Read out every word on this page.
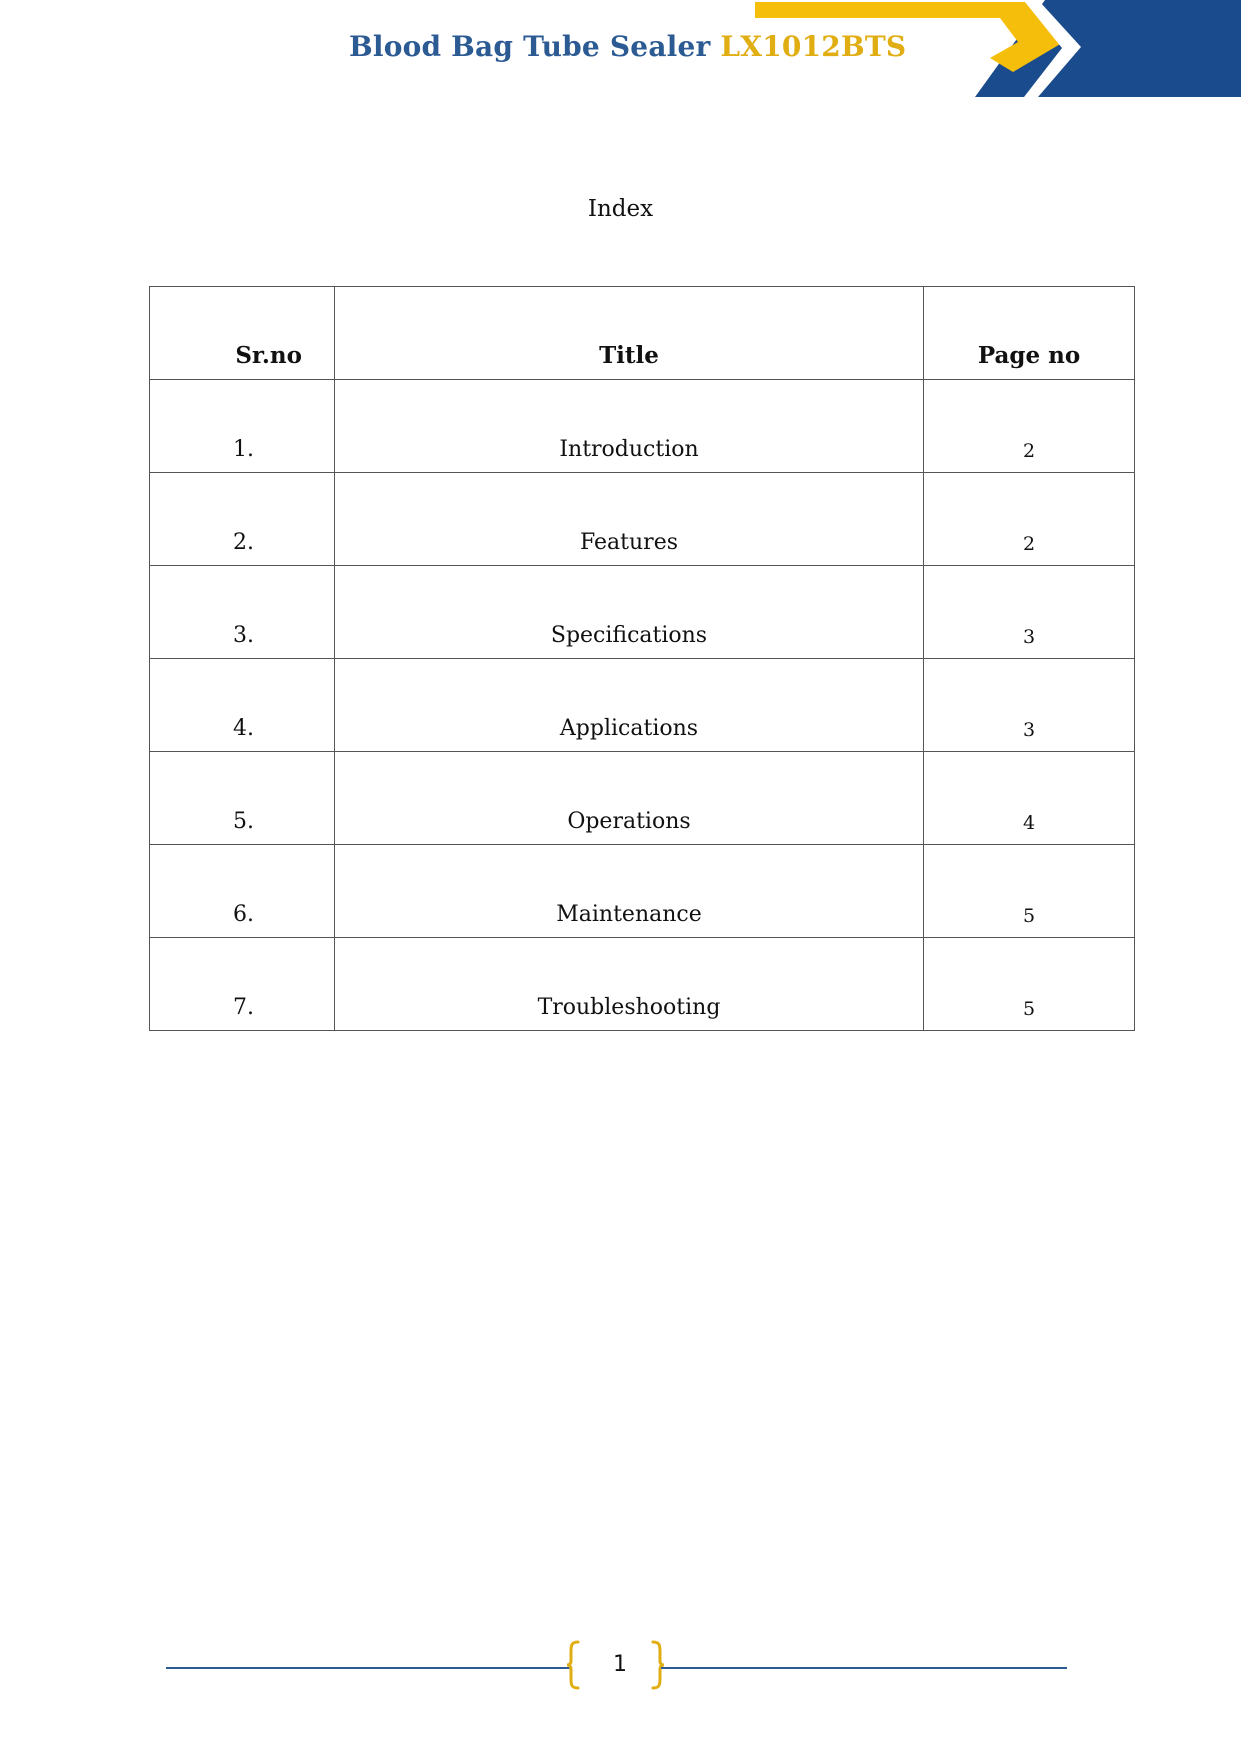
Blood Bag Tube Sealer LX1012BTS
Index
Sr.no	Title	Page no
1.	Introduction	2
2.	Features	2
3.	Specifications	3
4.	Applications	3
5.	Operations	4
6.	Maintenance	5
7.	Troubleshooting	5
1
